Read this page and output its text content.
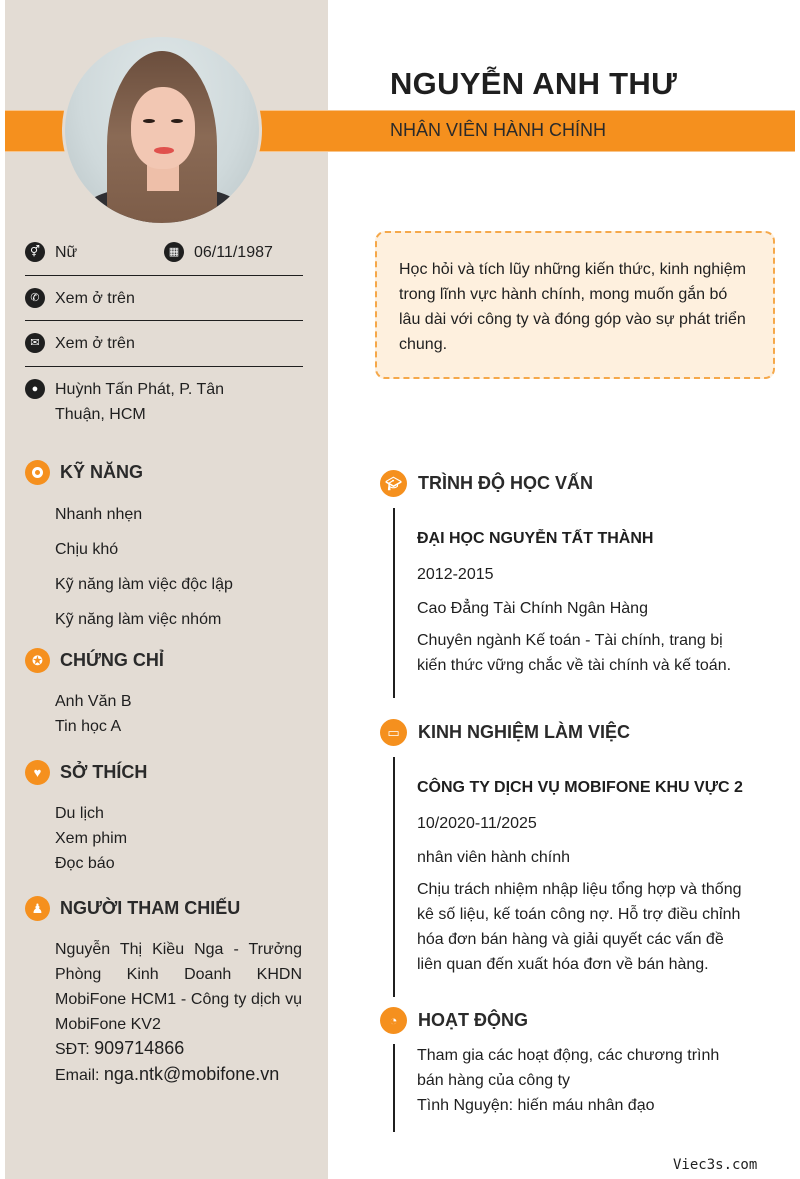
NGUYỄN ANH THƯ
NHÂN VIÊN HÀNH CHÍNH
⚥ Nữ	▦ 06/11/1987
✆ Xem ở trên
✉ Xem ở trên
●	Huỳnh Tấn Phát, P. Tân
Thuận, HCM
KỸ NĂNG
Nhanh nhẹn
Chịu khó
Kỹ năng làm việc độc lập
Kỹ năng làm việc nhóm
✪ CHỨNG CHỈ
Anh Văn B
Tin học A
♥	SỞ THÍCH
Du lịch
Xem phim
Đọc báo
♟ NGƯỜI THAM CHIẾU
Nguyễn Thị Kiều Nga - Trưởng Phòng Kinh Doanh KHDN MobiFone HCM1 - Công ty dịch vụ MobiFone KV2
SĐT: 909714866
Email: nga.ntk@mobifone.vn
Học hỏi và tích lũy những kiến thức, kinh nghiệm trong lĩnh vực hành chính, mong muốn gắn bó lâu dài với công ty và đóng góp vào sự phát triển chung.
🎓︎ TRÌNH ĐỘ HỌC VẤN
ĐẠI HỌC NGUYỄN TẤT THÀNH
2012-2015
Cao Đẳng Tài Chính Ngân Hàng
Chuyên ngành Kế toán - Tài chính, trang bị
kiến thức vững chắc về tài chính và kế toán.
▭	KINH NGHIỆM LÀM VIỆC
CÔNG TY DỊCH VỤ MOBIFONE KHU VỰC 2
10/2020-11/2025
nhân viên hành chính
Chịu trách nhiệm nhập liệu tổng hợp và thống
kê số liệu, kế toán công nợ. Hỗ trợ điều chỉnh
hóa đơn bán hàng và giải quyết các vấn đề
liên quan đến xuất hóa đơn về bán hàng.
◔	HOẠT ĐỘNG
Tham gia các hoạt động, các chương trình
bán hàng của công ty
Tình Nguyện: hiến máu nhân đạo
Viec3s.com
